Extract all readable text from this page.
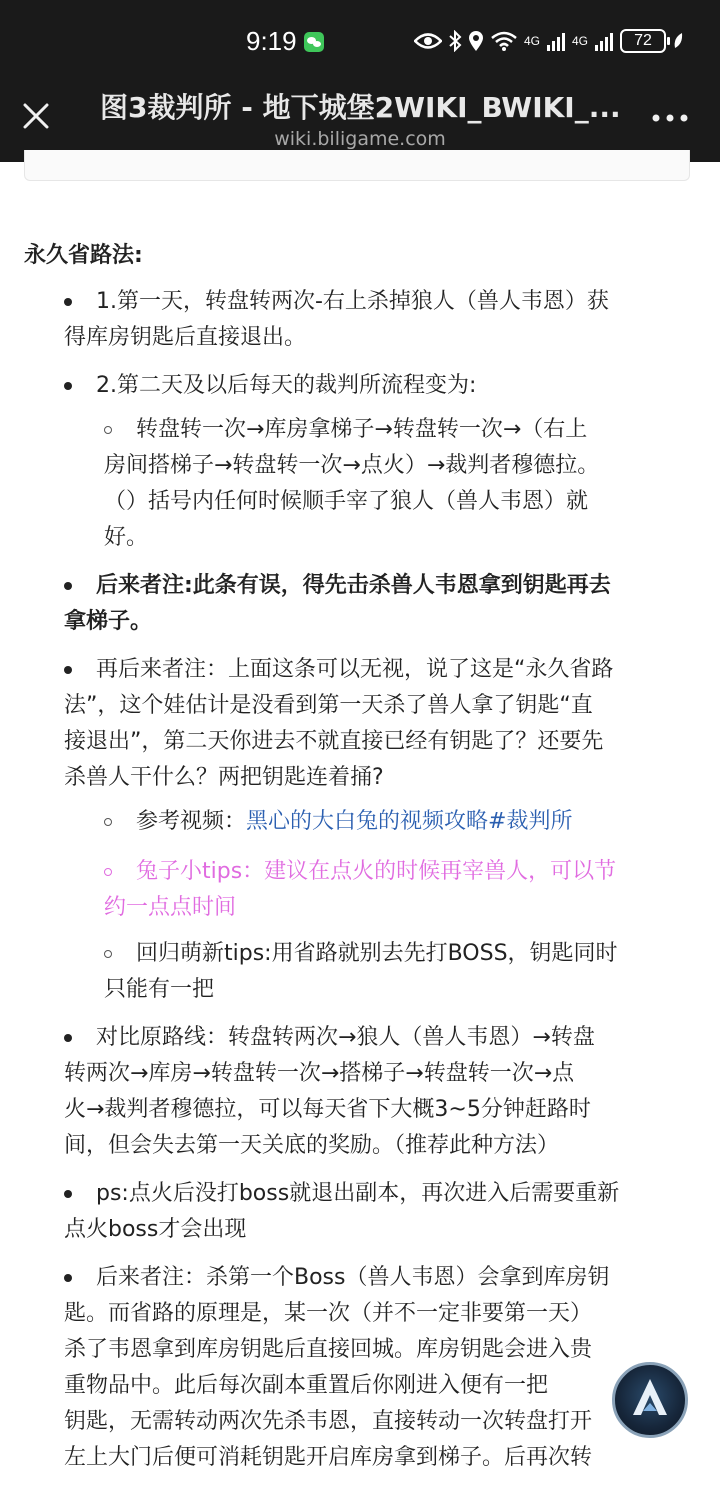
9:19	4G	4G	72
图3裁判所 - 地下城堡2WIKI_BWIKI_...
wiki.biligame.com
永久省路法:
1.第一天，转盘转两次-右上杀掉狼人（兽人韦恩）获
得库房钥匙后直接退出。
2.第二天及以后每天的裁判所流程变为:
转盘转一次→库房拿梯子→转盘转一次→（右上
房间搭梯子→转盘转一次→点火）→裁判者穆德拉。
（）括号内任何时候顺手宰了狼人（兽人韦恩）就
好。
后来者注:此条有误，得先击杀兽人韦恩拿到钥匙再去
拿梯子。
再后来者注：上面这条可以无视，说了这是“永久省路
法”，这个娃估计是没看到第一天杀了兽人拿了钥匙“直
接退出”，第二天你进去不就直接已经有钥匙了？还要先
杀兽人干什么？两把钥匙连着捅?
参考视频：黑心的大白兔的视频攻略#裁判所
兔子小tips：建议在点火的时候再宰兽人，可以节
约一点点时间
回归萌新tips:用省路就别去先打BOSS，钥匙同时
只能有一把
对比原路线：转盘转两次→狼人（兽人韦恩）→转盘
转两次→库房→转盘转一次→搭梯子→转盘转一次→点
火→裁判者穆德拉，可以每天省下大概3~5分钟赶路时
间，但会失去第一天关底的奖励。（推荐此种方法）
ps:点火后没打boss就退出副本，再次进入后需要重新
点火boss才会出现
后来者注：杀第一个Boss（兽人韦恩）会拿到库房钥
匙。而省路的原理是，某一次（并不一定非要第一天）
杀了韦恩拿到库房钥匙后直接回城。库房钥匙会进入贵
重物品中。此后每次副本重置后你刚进入便有一把
钥匙，无需转动两次先杀韦恩，直接转动一次转盘打开
左上大门后便可消耗钥匙开启库房拿到梯子。后再次转
